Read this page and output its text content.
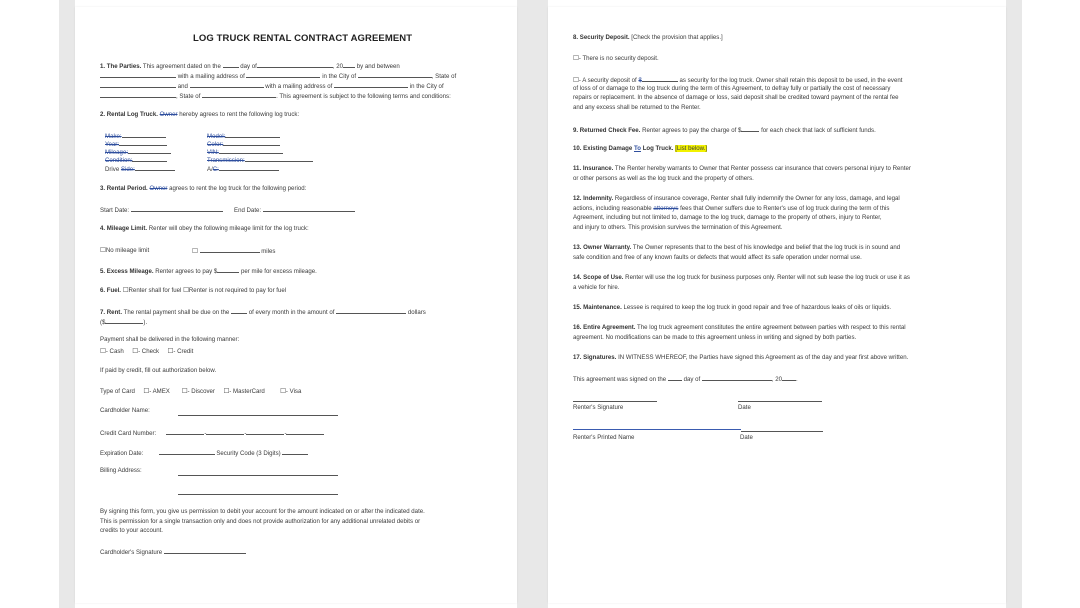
LOG TRUCK RENTAL CONTRACT AGREEMENT
1. The Parties. This agreement dated on the	day of	, 20 by and between
with a mailing address of	in the City of	, State of
and	with a mailing address of	in the City of
, State of	. This agreement is subject to the following terms and conditions:
2. Rental Log Truck. Owner hereby agrees to rent the following log truck:
Make:	Model:
Year:	Color:
Mileage:	VIN:
Condition:	Transmission:
Drive Side:	A/C:
3. Rental Period. Owner agrees to rent the log truck for the following period:
Start Date:	End Date:
4. Mileage Limit. Renter will obey the following mileage limit for the log truck:
☐No mileage limit	☐	miles
5. Excess Mileage. Renter agrees to pay $	per mile for excess mileage.
6. Fuel. ☐Renter shall for fuel ☐Renter is not required to pay for fuel
7. Rent. The rental payment shall be due on the	of every month in the amount of	dollars
($	).
Payment shall be delivered in the following manner:
☐- Cash ☐- Check ☐- Credit
If paid by credit, fill out authorization below.
Type of Card ☐- AMEX ☐- Discover ☐- MasterCard ☐- Visa
Cardholder Name:
Credit Card Number:	-	-	-
Expiration Date:	Security Code (3 Digits)
Billing Address:
By signing this form, you give us permission to debit your account for the amount indicated on or after the indicated date.
This is permission for a single transaction only and does not provide authorization for any additional unrelated debits or
credits to your account.
Cardholder's Signature
8. Security Deposit. [Check the provision that applies.]
☐- There is no security deposit.
☐- A security deposit of $	as security for the log truck. Owner shall retain this deposit to be used, in the event
of loss of or damage to the log truck during the term of this Agreement, to defray fully or partially the cost of necessary
repairs or replacement. In the absence of damage or loss, said deposit shall be credited toward payment of the rental fee
and any excess shall be returned to the Renter.
9. Returned Check Fee. Renter agrees to pay the charge of $	for each check that lack of sufficient funds.
10. Existing Damage To Log Truck. [List below.]
11. Insurance. The Renter hereby warrants to Owner that Renter possess car insurance that covers personal injury to Renter
or other persons as well as the log truck and the property of others.
12. Indemnity. Regardless of insurance coverage, Renter shall fully indemnify the Owner for any loss, damage, and legal
actions, including reasonable attorneys fees that Owner suffers due to Renter's use of log truck during the term of this
Agreement, including but not limited to, damage to the log truck, damage to the property of others, injury to Renter,
and injury to others. This provision survives the termination of this Agreement.
13. Owner Warranty. The Owner represents that to the best of his knowledge and belief that the log truck is in sound and
safe condition and free of any known faults or defects that would affect its safe operation under normal use.
14. Scope of Use. Renter will use the log truck for business purposes only. Renter will not sub lease the log truck or use it as
a vehicle for hire.
15. Maintenance. Lessee is required to keep the log truck in good repair and free of hazardous leaks of oils or liquids.
16. Entire Agreement. The log truck agreement constitutes the entire agreement between parties with respect to this rental
agreement. No modifications can be made to this agreement unless in writing and signed by both parties.
17. Signatures. IN WITNESS WHEREOF, the Parties have signed this Agreement as of the day and year first above written.
This agreement was signed on the	day of	, 20 .
Renter's Signature	Date
Renter's Printed Name	Date
